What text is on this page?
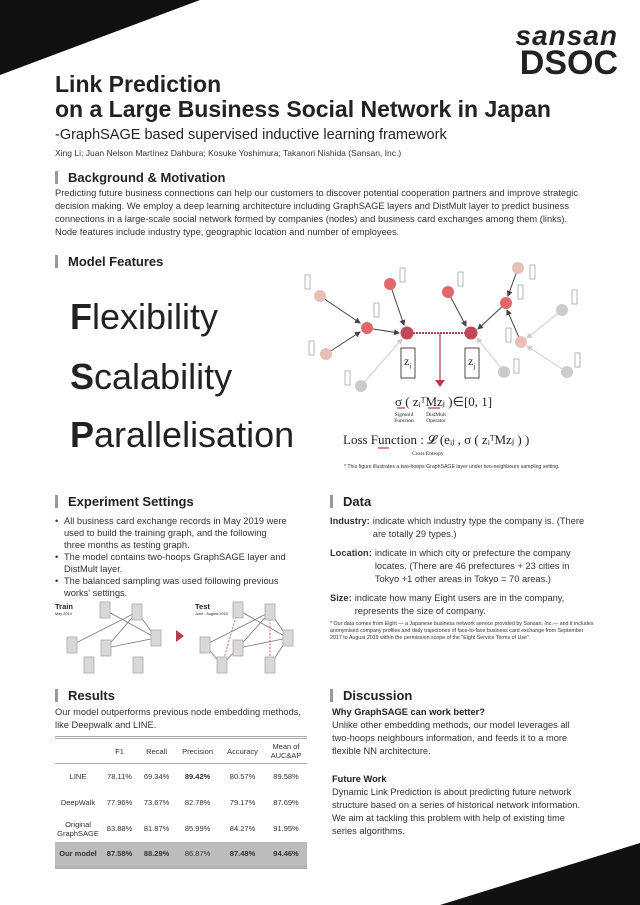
sansan
DSOC
Link Prediction
on a Large Business Social Network in Japan
-GraphSAGE based supervised inductive learning framework
Xing Li; Juan Nelson Martínez Dahbura; Kosuke Yoshimura; Takanori Nishida (Sansan, Inc.)
Background & Motivation
Predicting future business connections can help our customers to discover potential cooperation partners and improve strategic decision making. We employ a deep learning architecture including GraphSAGE layers and DistMult layer to predict business connections in a large-scale social network formed by companies (nodes) and business card exchanges among them (links). Node features include industry type, geographic location and number of employees.
Model Features
Flexibility
Scalability
Parallelisation
$z_i$	$z_j$
σ ( zᵢᵀMzⱼ )∈[0, 1]
Sigmoid Function
DistMult Operator
Loss Function : 𝓛 (eᵢⱼ , σ ( zᵢᵀMzⱼ ) )
Cross Entropy
* This figure illustrates a two-hoops GraphSAGE layer under two-neighbours sampling setting.
Experiment Settings
• All business card exchange records in May 2019 were used to build the training graph, and the following three months as testing graph.
• The model contains two-hoops GraphSAGE layer and DistMult layer.
• The balanced sampling was used following previous works' settings.
Train
May 2019
Test
June - August 2019
Data
Industry: indicate which industry type the company is. (There are totally 29 types.)
Location: indicate in which city or prefecture the company locates. (There are 46 prefectures + 23 cities in Tokyo +1 other areas in Tokyo = 70 areas.)
Size: indicate how many Eight users are in the company, represents the size of company.
* Our data comes from Eight — a Japanese business network service provided by Sansan, Inc.— and it includes anonymised company profiles and daily trajectories of face-to-face business card exchange from September 2017 to August 2019 within the permission scope of the "Eight Service Terms of Use".
Results
Our model outperforms previous node embedding methods, like Deepwalk and LINE.
	F1	Recall	Precision	Accuracy	Mean of AUC&AP
LINE	78.11%	69.34%	89.42%	80.57%	89.58%
DeepWalk	77.96%	73.67%	82.78%	79.17%	87.69%
Original GraphSAGE	83.88%	81.87%	85.99%	84.27%	91.95%
Our model	87.58%	88.29%	86.87%	87.48%	94.46%
Discussion
Why GraphSAGE can work better?
Unlike other embedding methods, our model leverages all two-hoops neighbours information, and feeds it to a more flexible NN architecture.
Future Work
Dynamic Link Prediction is about predicting future network structure based on a series of historical network information. We aim at tackling this problem with help of existing time series algorithms.
